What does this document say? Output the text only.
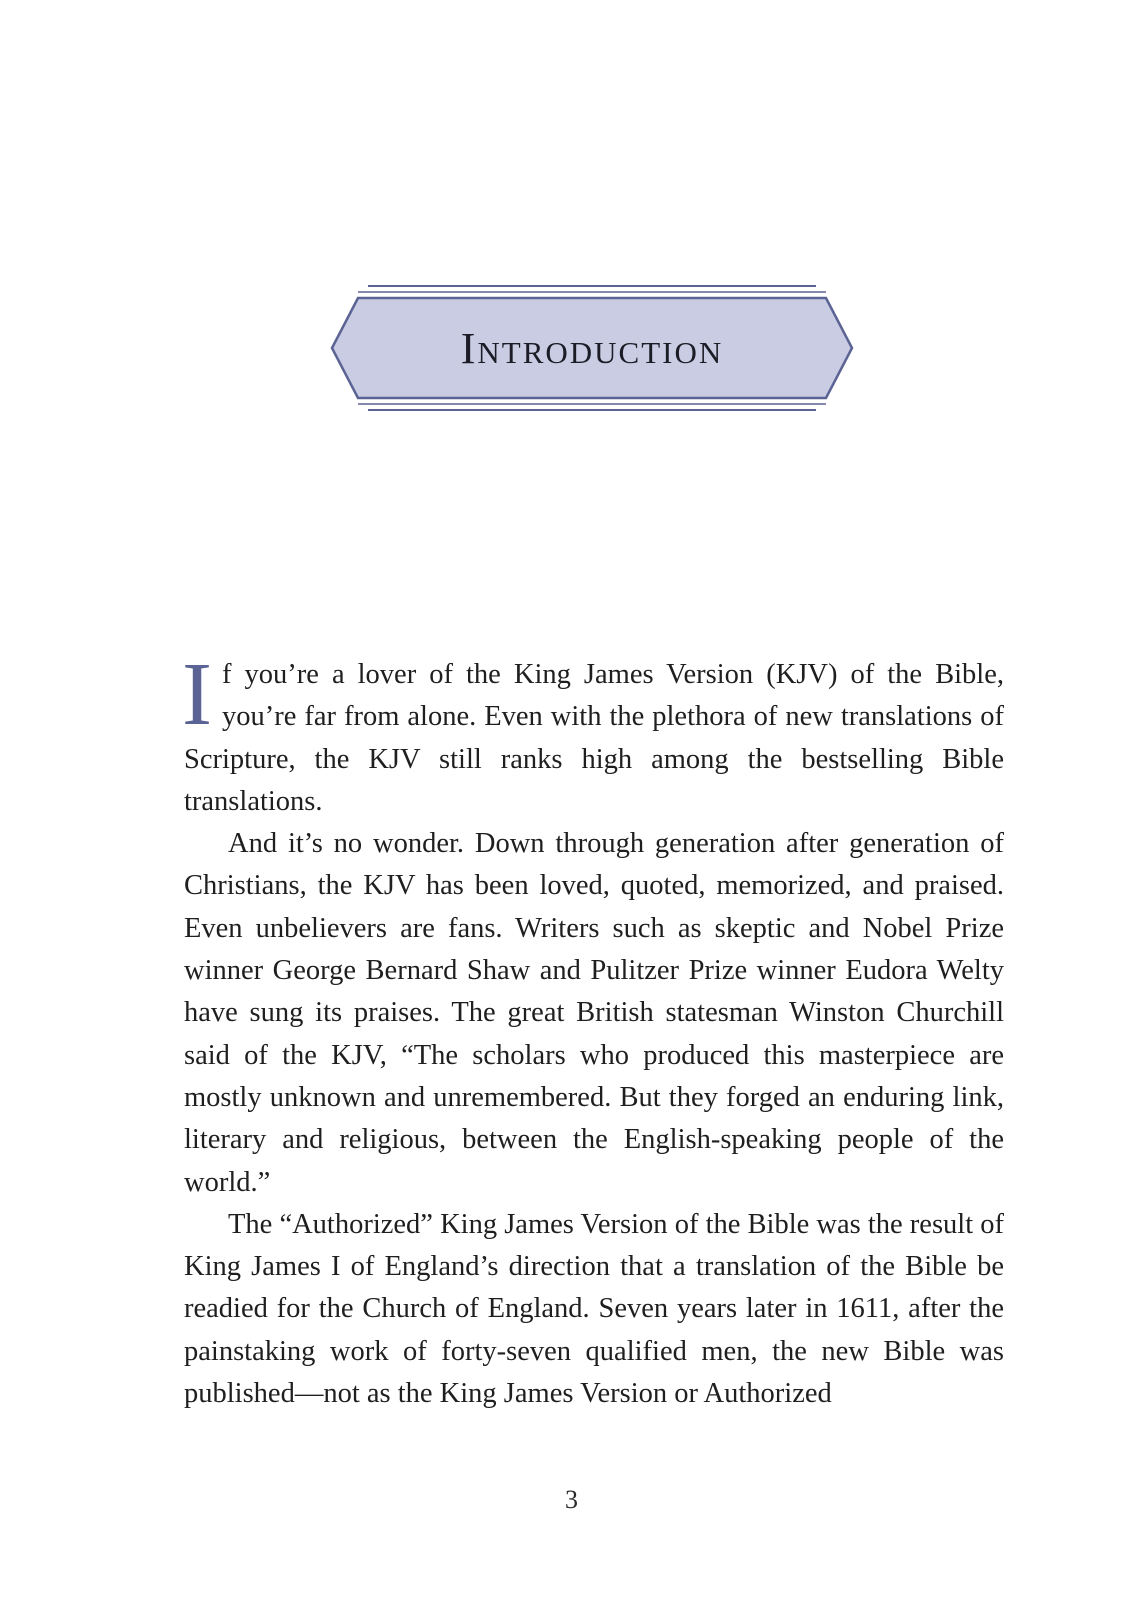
Introduction

If you’re a lover of the King James Version (KJV) of the Bible, you’re far from alone. Even with the plethora of new translations of Scripture, the KJV still ranks high among the bestselling Bible translations.

And it’s no wonder. Down through generation after generation of Christians, the KJV has been loved, quoted, memorized, and praised. Even unbelievers are fans. Writers such as skeptic and Nobel Prize winner George Bernard Shaw and Pulitzer Prize winner Eudora Welty have sung its praises. The great British statesman Winston Churchill said of the KJV, “The scholars who produced this masterpiece are mostly unknown and unremembered. But they forged an enduring link, literary and religious, between the English-speaking people of the world.”

The “Authorized” King James Version of the Bible was the result of King James I of England’s direction that a translation of the Bible be readied for the Church of England. Seven years later in 1611, after the painstaking work of forty-seven qualified men, the new Bible was published—not as the King James Version or Authorized

3
